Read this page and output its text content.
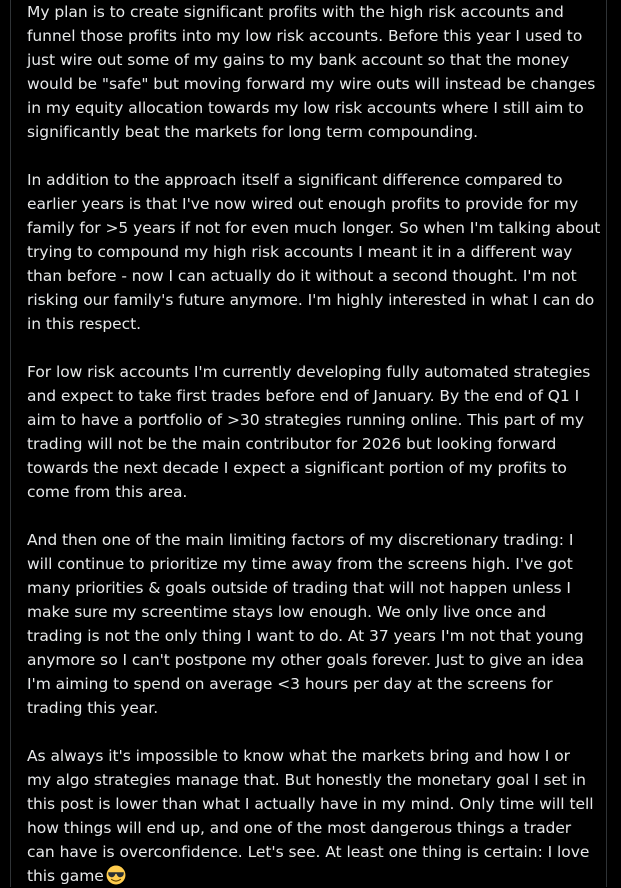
My plan is to create significant profits with the high risk accounts and
funnel those profits into my low risk accounts. Before this year I used to
just wire out some of my gains to my bank account so that the money
would be "safe" but moving forward my wire outs will instead be changes
in my equity allocation towards my low risk accounts where I still aim to
significantly beat the markets for long term compounding.

In addition to the approach itself a significant difference compared to
earlier years is that I've now wired out enough profits to provide for my
family for >5 years if not for even much longer. So when I'm talking about
trying to compound my high risk accounts I meant it in a different way
than before - now I can actually do it without a second thought. I'm not
risking our family's future anymore. I'm highly interested in what I can do
in this respect.

For low risk accounts I'm currently developing fully automated strategies
and expect to take first trades before end of January. By the end of Q1 I
aim to have a portfolio of >30 strategies running online. This part of my
trading will not be the main contributor for 2026 but looking forward
towards the next decade I expect a significant portion of my profits to
come from this area.

And then one of the main limiting factors of my discretionary trading: I
will continue to prioritize my time away from the screens high. I've got
many priorities & goals outside of trading that will not happen unless I
make sure my screentime stays low enough. We only live once and
trading is not the only thing I want to do. At 37 years I'm not that young
anymore so I can't postpone my other goals forever. Just to give an idea
I'm aiming to spend on average <3 hours per day at the screens for
trading this year.

As always it's impossible to know what the markets bring and how I or
my algo strategies manage that. But honestly the monetary goal I set in
this post is lower than what I actually have in my mind. Only time will tell
how things will end up, and one of the most dangerous things a trader
can have is overconfidence. Let's see. At least one thing is certain: I love
this game
